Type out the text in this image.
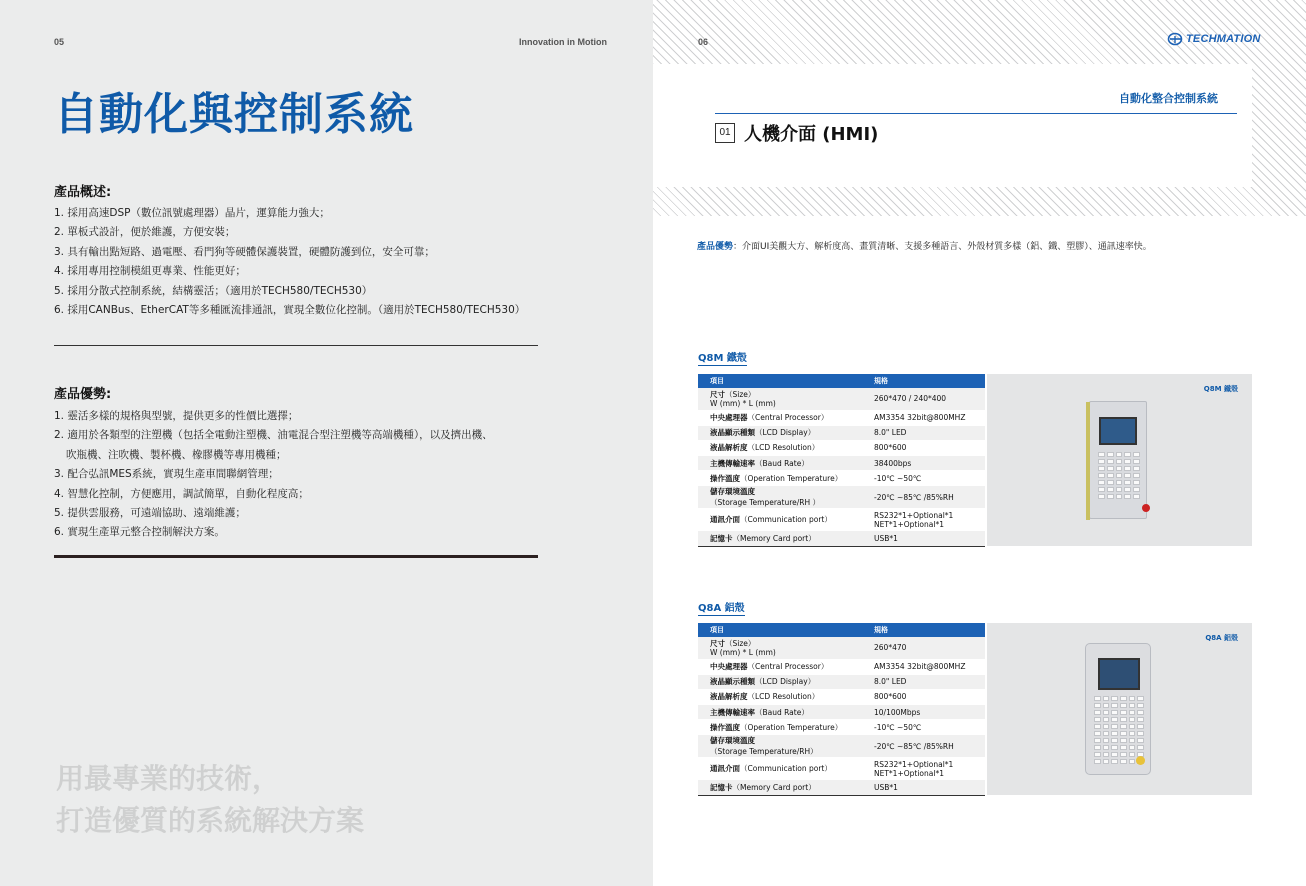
05	Innovation in Motion
自動化與控制系統
產品概述:
1. 採用高速DSP（數位訊號處理器）晶片，運算能力強大；
2. 單板式設計，便於維護，方便安裝；
3. 具有輸出點短路、過電壓、看門狗等硬體保護裝置，硬體防護到位，安全可靠；
4. 採用專用控制模組更專業、性能更好；
5. 採用分散式控制系統，結構靈活；（適用於TECH580/TECH530）
6. 採用CANBus、EtherCAT等多種匯流排通訊，實現全數位化控制。（適用於TECH580/TECH530）
產品優勢:
1. 靈活多樣的規格與型號，提供更多的性價比選擇；
2. 適用於各類型的注塑機（包括全電動注塑機、油電混合型注塑機等高端機種），以及擠出機、
吹瓶機、注吹機、製杯機、橡膠機等專用機種；
3. 配合弘訊MES系統，實現生產車間聯網管理；
4. 智慧化控制，方便應用，調試簡單，自動化程度高；
5. 提供雲服務，可遠端協助、遠端維護；
6. 實現生產單元整合控制解決方案。
用最專業的技術，
打造優質的系統解決方案
06	TECHMATION
自動化整合控制系統
01 人機介面 (HMI)
產品優勢：介面UI美觀大方、解析度高、畫質清晰、支援多種語言、外殼材質多樣（鋁、鐵、塑膠）、通訊速率快。
Q8M 鐵殼
項目	規格
尺寸（Size）
W (mm) * L (mm)	260*470 / 240*400
中央處理器（Central Processor）	AM3354 32bit@800MHZ
液晶顯示種類（LCD Display）	8.0" LED
液晶解析度（LCD Resolution）	800*600
主機傳輸速率（Baud Rate）	38400bps
操作溫度（Operation Temperature）	-10℃ ~50℃
儲存環境溫度（Storage Temperature/RH ）	-20℃ ~85℃ /85%RH
通訊介面（Communication port）	RS232*1+Optional*1
NET*1+Optional*1
記憶卡（Memory Card port）	USB*1
Q8M 鐵殼
Q8A 鋁殼
項目	規格
尺寸（Size）
W (mm) * L (mm)	260*470
中央處理器（Central Processor）	AM3354 32bit@800MHZ
液晶顯示種類（LCD Display）	8.0" LED
液晶解析度（LCD Resolution）	800*600
主機傳輸速率（Baud Rate）	10/100Mbps
操作溫度（Operation Temperature）	-10℃ ~50℃
儲存環境溫度（Storage Temperature/RH）	-20℃ ~85℃ /85%RH
通訊介面（Communication port）	RS232*1+Optional*1
NET*1+Optional*1
記憶卡（Memory Card port）	USB*1
Q8A 鋁殼
